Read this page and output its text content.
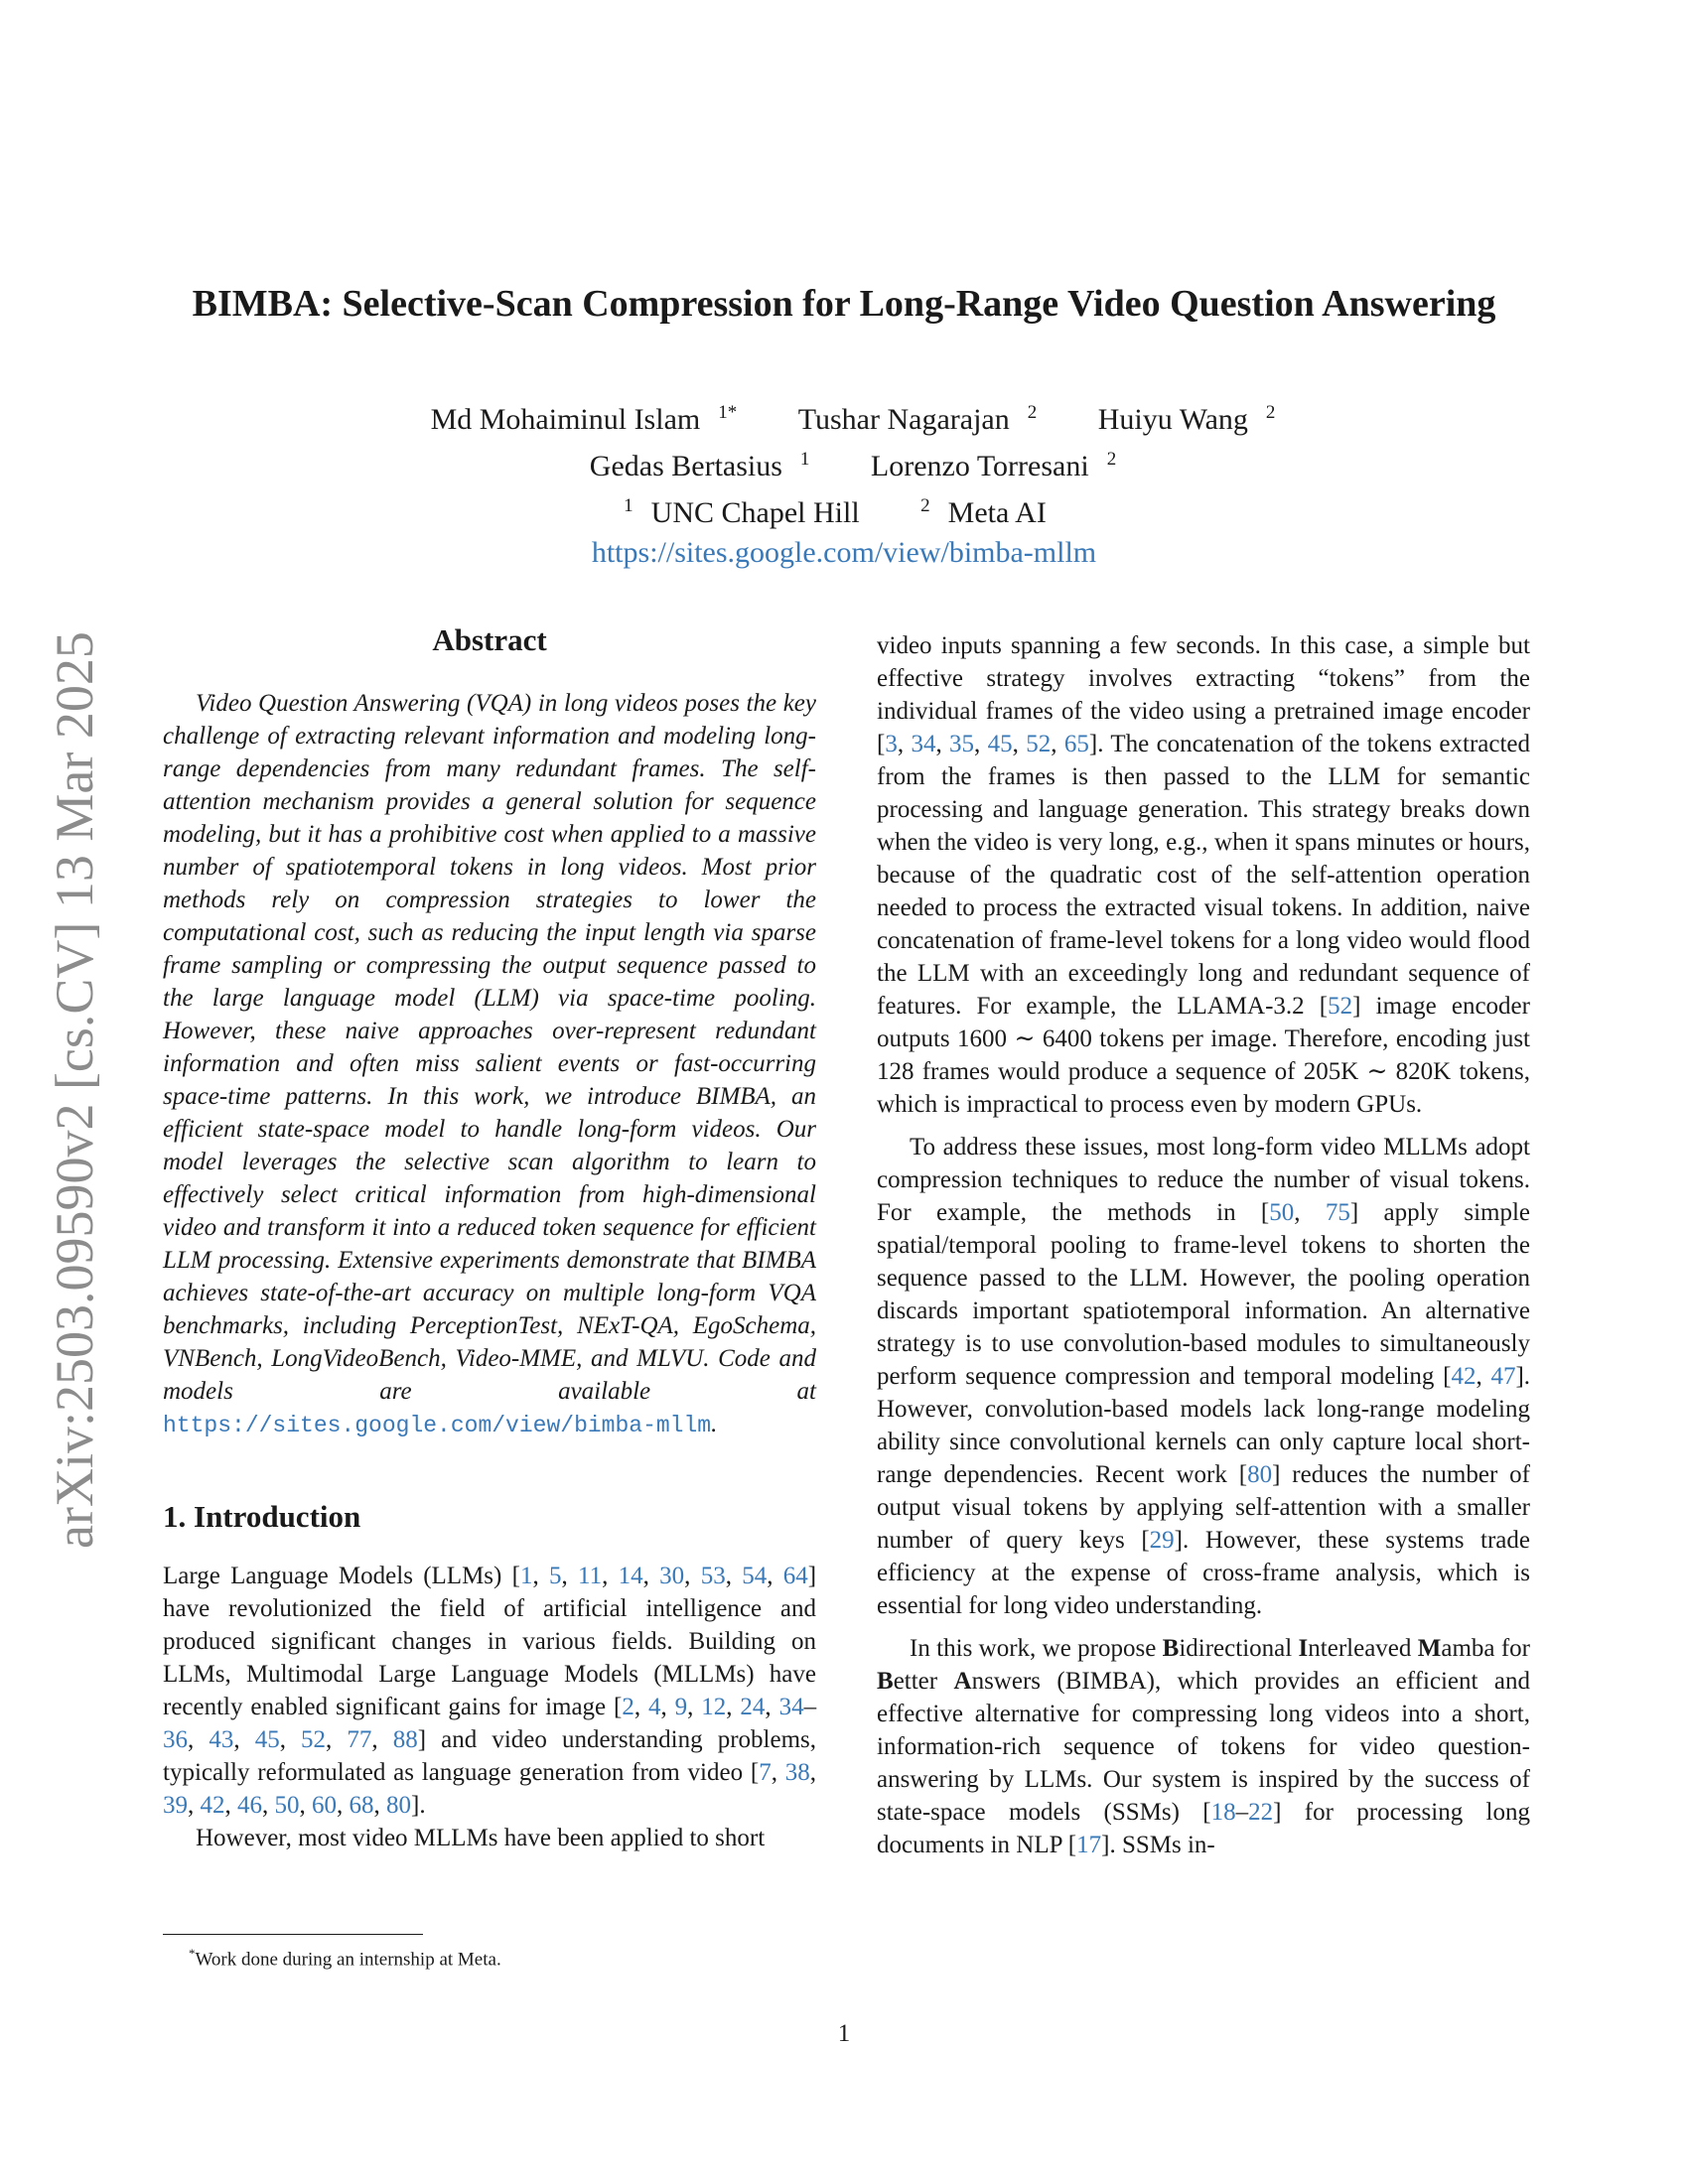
arXiv:2503.09590v2 [cs.CV] 13 Mar 2025
BIMBA: Selective-Scan Compression for Long-Range Video Question Answering
Md Mohaiminul Islam $^{1*}$ Tushar Nagarajan $^2$ Huiyu Wang $^2$
Gedas Bertasius $^1$ Lorenzo Torresani $^2$
$^1$ UNC Chapel Hill	$^2$ Meta AI
https://sites.google.com/view/bimba-mllm
Abstract

Video Question Answering (VQA) in long videos poses the key challenge of extracting relevant information and modeling long-range dependencies from many redundant frames. The self-attention mechanism provides a general solution for sequence modeling, but it has a prohibitive cost when applied to a massive number of spatiotemporal tokens in long videos. Most prior methods rely on compression strategies to lower the computational cost, such as reducing the input length via sparse frame sampling or compressing the output sequence passed to the large language model (LLM) via space-time pooling. However, these naive approaches over-represent redundant information and often miss salient events or fast-occurring space-time patterns. In this work, we introduce BIMBA, an efficient state-space model to handle long-form videos. Our model leverages the selective scan algorithm to learn to effectively select critical information from high-dimensional video and transform it into a reduced token sequence for efficient LLM processing. Extensive experiments demonstrate that BIMBA achieves state-of-the-art accuracy on multiple long-form VQA benchmarks, including PerceptionTest, NExT-QA, EgoSchema, VNBench, LongVideoBench, Video-MME, and MLVU. Code and models are available at https://sites.google.com/view/bimba-mllm.

1. Introduction

Large Language Models (LLMs) [1, 5, 11, 14, 30, 53, 54, 64] have revolutionized the field of artificial intelligence and produced significant changes in various fields. Building on LLMs, Multimodal Large Language Models (MLLMs) have recently enabled significant gains for image [2, 4, 9, 12, 24, 34–36, 43, 45, 52, 77, 88] and video understanding problems, typically reformulated as language generation from video [7, 38, 39, 42, 46, 50, 60, 68, 80].

However, most video MLLMs have been applied to short

video inputs spanning a few seconds. In this case, a simple but effective strategy involves extracting “tokens” from the individual frames of the video using a pretrained image encoder [3, 34, 35, 45, 52, 65]. The concatenation of the tokens extracted from the frames is then passed to the LLM for semantic processing and language generation. This strategy breaks down when the video is very long, e.g., when it spans minutes or hours, because of the quadratic cost of the self-attention operation needed to process the extracted visual tokens. In addition, naive concatenation of frame-level tokens for a long video would flood the LLM with an exceedingly long and redundant sequence of features. For example, the LLAMA-3.2 [52] image encoder outputs 1600 ∼ 6400 tokens per image. Therefore, encoding just 128 frames would produce a sequence of 205K ∼ 820K tokens, which is impractical to process even by modern GPUs.

To address these issues, most long-form video MLLMs adopt compression techniques to reduce the number of visual tokens. For example, the methods in [50, 75] apply simple spatial/temporal pooling to frame-level tokens to shorten the sequence passed to the LLM. However, the pooling operation discards important spatiotemporal information. An alternative strategy is to use convolution-based modules to simultaneously perform sequence compression and temporal modeling [42, 47]. However, convolution-based models lack long-range modeling ability since convolutional kernels can only capture local short-range dependencies. Recent work [80] reduces the number of output visual tokens by applying self-attention with a smaller number of query keys [29]. However, these systems trade efficiency at the expense of cross-frame analysis, which is essential for long video understanding.

In this work, we propose Bidirectional Interleaved Mamba for Better Answers (BIMBA), which provides an efficient and effective alternative for compressing long videos into a short, information-rich sequence of tokens for video question-answering by LLMs. Our system is inspired by the success of state-space models (SSMs) [18–22] for processing long documents in NLP [17]. SSMs in-

*Work done during an internship at Meta.
1
